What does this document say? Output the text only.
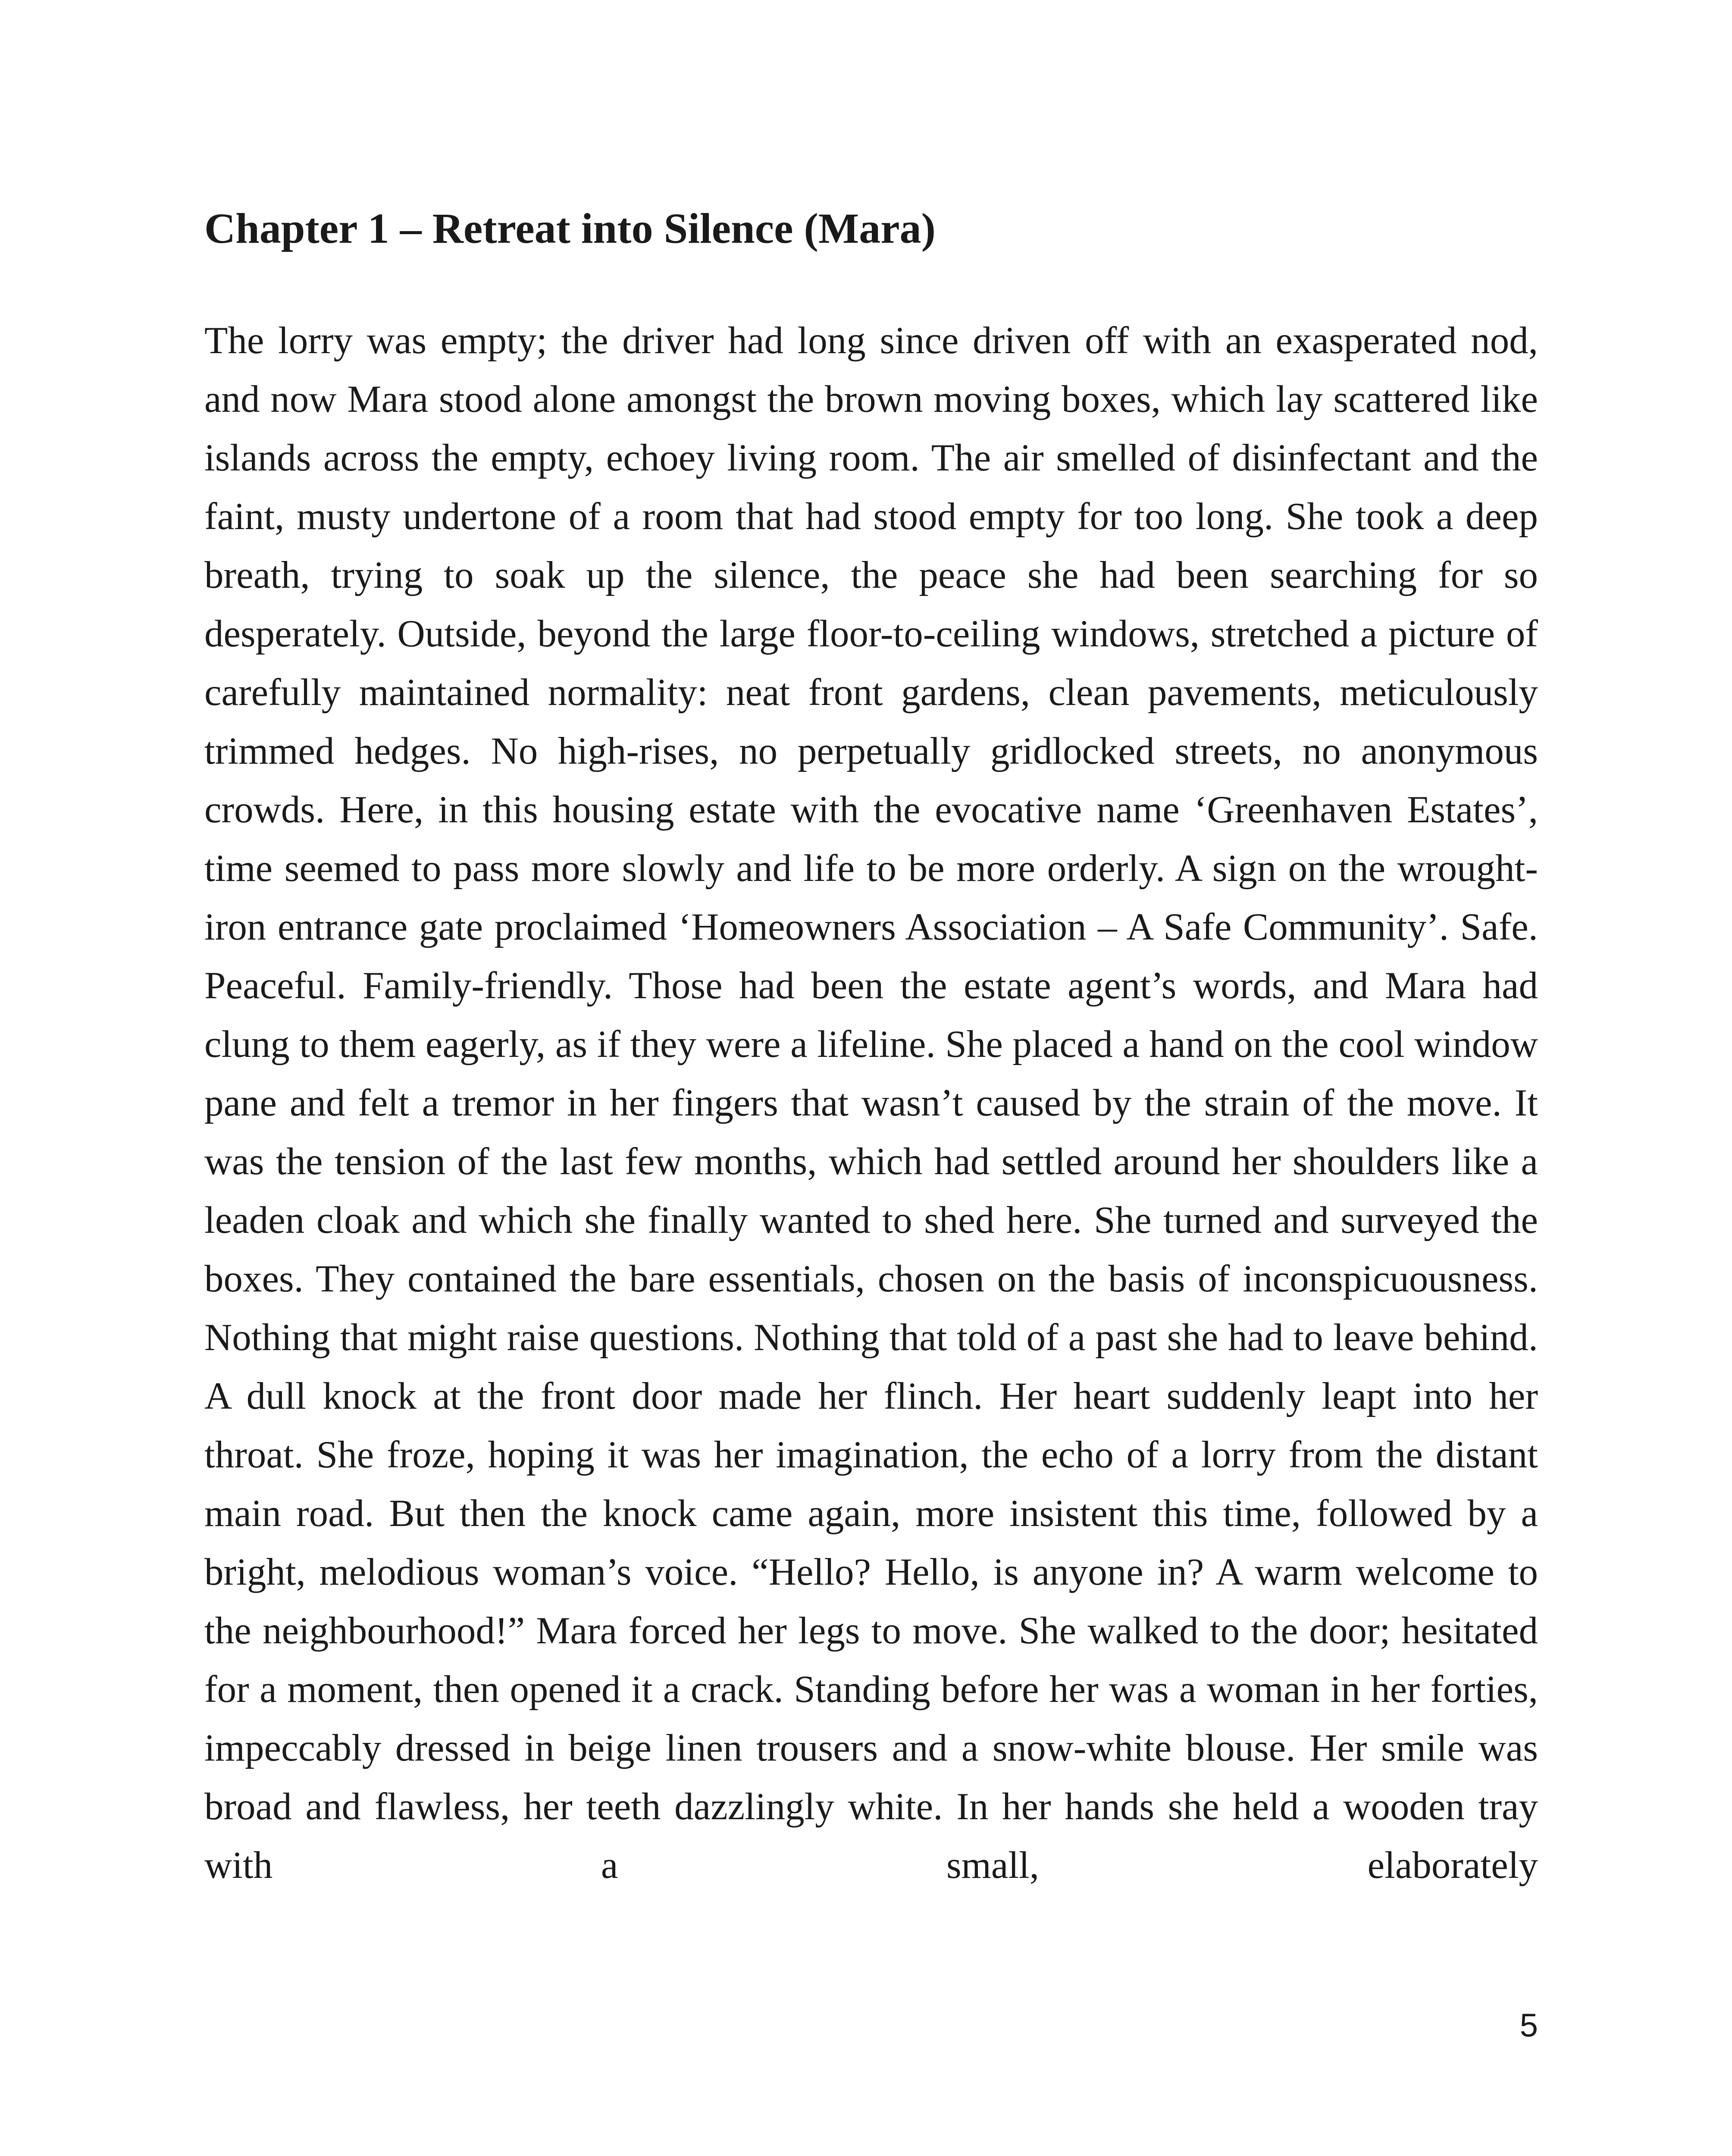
Chapter 1 – Retreat into Silence (Mara)

The lorry was empty; the driver had long since driven off with an exasperated nod, and now Mara stood alone amongst the brown moving boxes, which lay scattered like islands across the empty, echoey living room. The air smelled of disinfectant and the faint, musty undertone of a room that had stood empty for too long. She took a deep breath, trying to soak up the silence, the peace she had been searching for so desperately. Outside, beyond the large floor-to-ceiling windows, stretched a picture of carefully maintained normality: neat front gardens, clean pavements, meticulously trimmed hedges. No high-rises, no perpetually gridlocked streets, no anonymous crowds. Here, in this housing estate with the evocative name ‘Greenhaven Estates’, time seemed to pass more slowly and life to be more orderly. A sign on the wrought-iron entrance gate proclaimed ‘Homeowners Association – A Safe Community’. Safe. Peaceful. Family-friendly. Those had been the estate agent’s words, and Mara had clung to them eagerly, as if they were a lifeline. She placed a hand on the cool window pane and felt a tremor in her fingers that wasn’t caused by the strain of the move. It was the tension of the last few months, which had settled around her shoulders like a leaden cloak and which she finally wanted to shed here. She turned and surveyed the boxes. They contained the bare essentials, chosen on the basis of inconspicuousness. Nothing that might raise questions. Nothing that told of a past she had to leave behind. A dull knock at the front door made her flinch. Her heart suddenly leapt into her throat. She froze, hoping it was her imagination, the echo of a lorry from the distant main road. But then the knock came again, more insistent this time, followed by a bright, melodious woman’s voice. “Hello? Hello, is anyone in? A warm welcome to the neighbourhood!” Mara forced her legs to move. She walked to the door; hesitated for a moment, then opened it a crack. Standing before her was a woman in her forties, impeccably dressed in beige linen trousers and a snow-white blouse. Her smile was broad and flawless, her teeth dazzlingly white. In her hands she held a wooden tray with a small, elaborately

5
